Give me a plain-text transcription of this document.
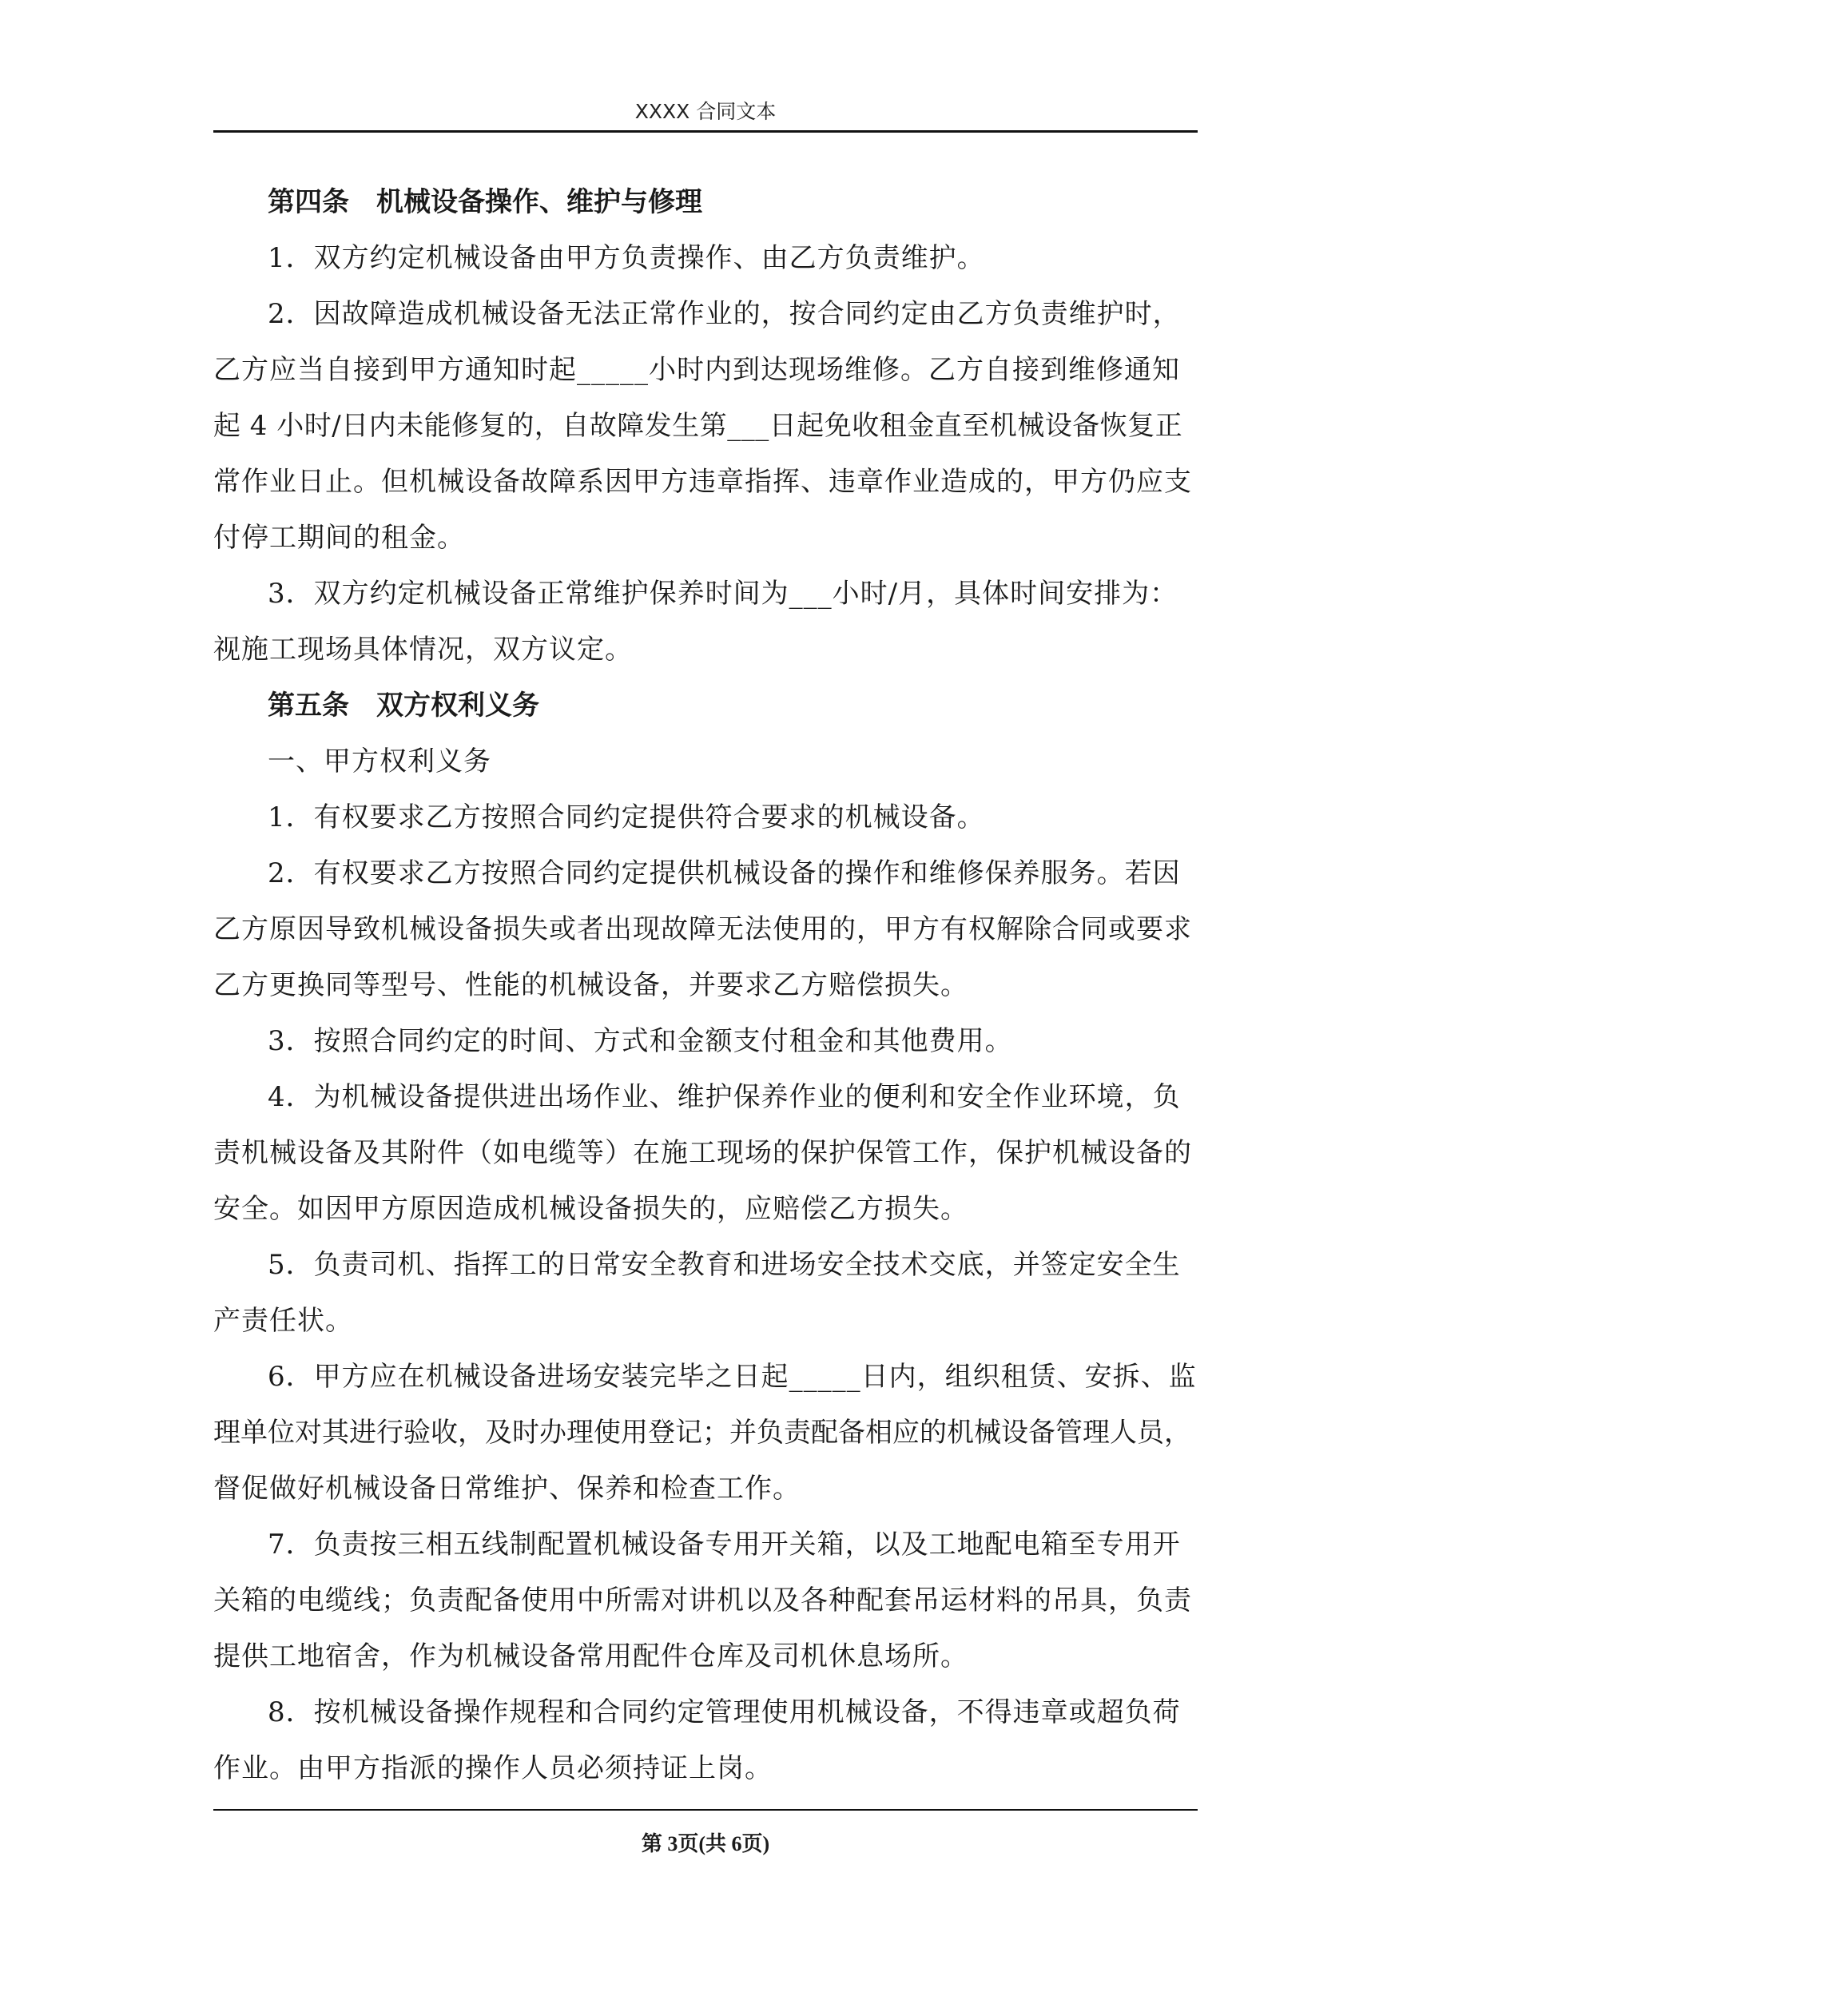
XXXX 合同文本

第四条　机械设备操作、维护与修理

1．双方约定机械设备由甲方负责操作、由乙方负责维护。

2．因故障造成机械设备无法正常作业的，按合同约定由乙方负责维护时，

乙方应当自接到甲方通知时起_____小时内到达现场维修。乙方自接到维修通知

起 4 小时/日内未能修复的，自故障发生第___日起免收租金直至机械设备恢复正

常作业日止。但机械设备故障系因甲方违章指挥、违章作业造成的，甲方仍应支

付停工期间的租金。

3．双方约定机械设备正常维护保养时间为___小时/月，具体时间安排为：

视施工现场具体情况，双方议定。

第五条　双方权利义务

一、甲方权利义务

1．有权要求乙方按照合同约定提供符合要求的机械设备。

2．有权要求乙方按照合同约定提供机械设备的操作和维修保养服务。若因

乙方原因导致机械设备损失或者出现故障无法使用的，甲方有权解除合同或要求

乙方更换同等型号、性能的机械设备，并要求乙方赔偿损失。

3．按照合同约定的时间、方式和金额支付租金和其他费用。

4．为机械设备提供进出场作业、维护保养作业的便利和安全作业环境，负

责机械设备及其附件（如电缆等）在施工现场的保护保管工作，保护机械设备的

安全。如因甲方原因造成机械设备损失的，应赔偿乙方损失。

5．负责司机、指挥工的日常安全教育和进场安全技术交底，并签定安全生

产责任状。

6．甲方应在机械设备进场安装完毕之日起_____日内，组织租赁、安拆、监

理单位对其进行验收，及时办理使用登记；并负责配备相应的机械设备管理人员，

督促做好机械设备日常维护、保养和检查工作。

7．负责按三相五线制配置机械设备专用开关箱，以及工地配电箱至专用开

关箱的电缆线；负责配备使用中所需对讲机以及各种配套吊运材料的吊具，负责

提供工地宿舍，作为机械设备常用配件仓库及司机休息场所。

8．按机械设备操作规程和合同约定管理使用机械设备，不得违章或超负荷

作业。由甲方指派的操作人员必须持证上岗。

第 3页(共 6页)
